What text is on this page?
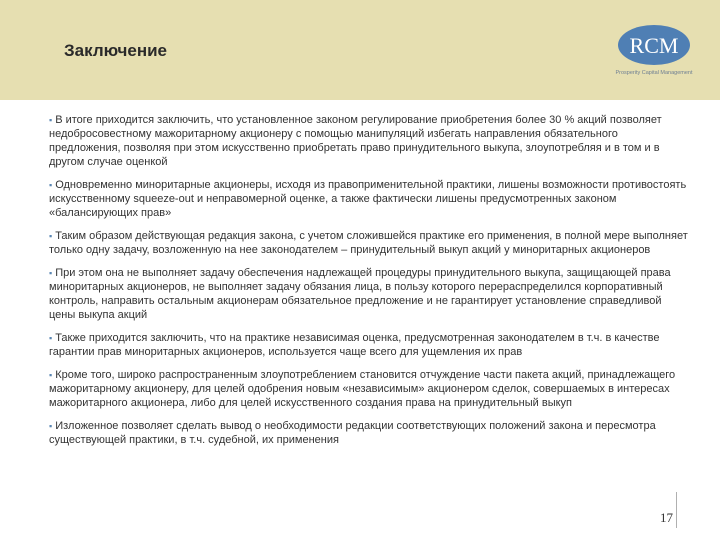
Заключение	RCM
Prosperity Capital Management

▪ В итоге приходится заключить, что установленное законом регулирование приобретения более 30 % акций позволяет недобросовестному мажоритарному акционеру с помощью манипуляций избегать направления обязательного предложения, позволяя при этом искусственно приобретать право принудительного выкупа, злоупотребляя и в том и в другом случае оценкой

▪ Одновременно миноритарные акционеры, исходя из правоприменительной практики, лишены возможности противостоять искусственному squeeze-out и неправомерной оценке, а также фактически лишены предусмотренных законом «балансирующих прав»

▪ Таким образом действующая редакция закона, с учетом сложившейся практике его применения, в полной мере выполняет только одну задачу, возложенную на нее законодателем – принудительный выкуп акций у миноритарных акционеров

▪ При этом она не выполняет задачу обеспечения надлежащей процедуры принудительного выкупа, защищающей права миноритарных акционеров, не выполняет задачу обязания лица, в пользу которого перераспределился корпоративный контроль, направить остальным акционерам обязательное предложение и не гарантирует установление справедливой цены выкупа акций

▪ Также приходится заключить, что на практике независимая оценка, предусмотренная законодателем в т.ч. в качестве гарантии прав миноритарных акционеров, используется чаще всего для ущемления их прав

▪ Кроме того, широко распространенным злоупотреблением становится отчуждение части пакета акций, принадлежащего мажоритарному акционеру, для целей одобрения новым «независимым» акционером сделок, совершаемых в интересах мажоритарного акционера, либо для целей искусственного создания права на принудительный выкуп

▪ Изложенное позволяет сделать вывод о необходимости редакции соответствующих положений закона и пересмотра существующей практики, в т.ч. судебной, их применения

17
